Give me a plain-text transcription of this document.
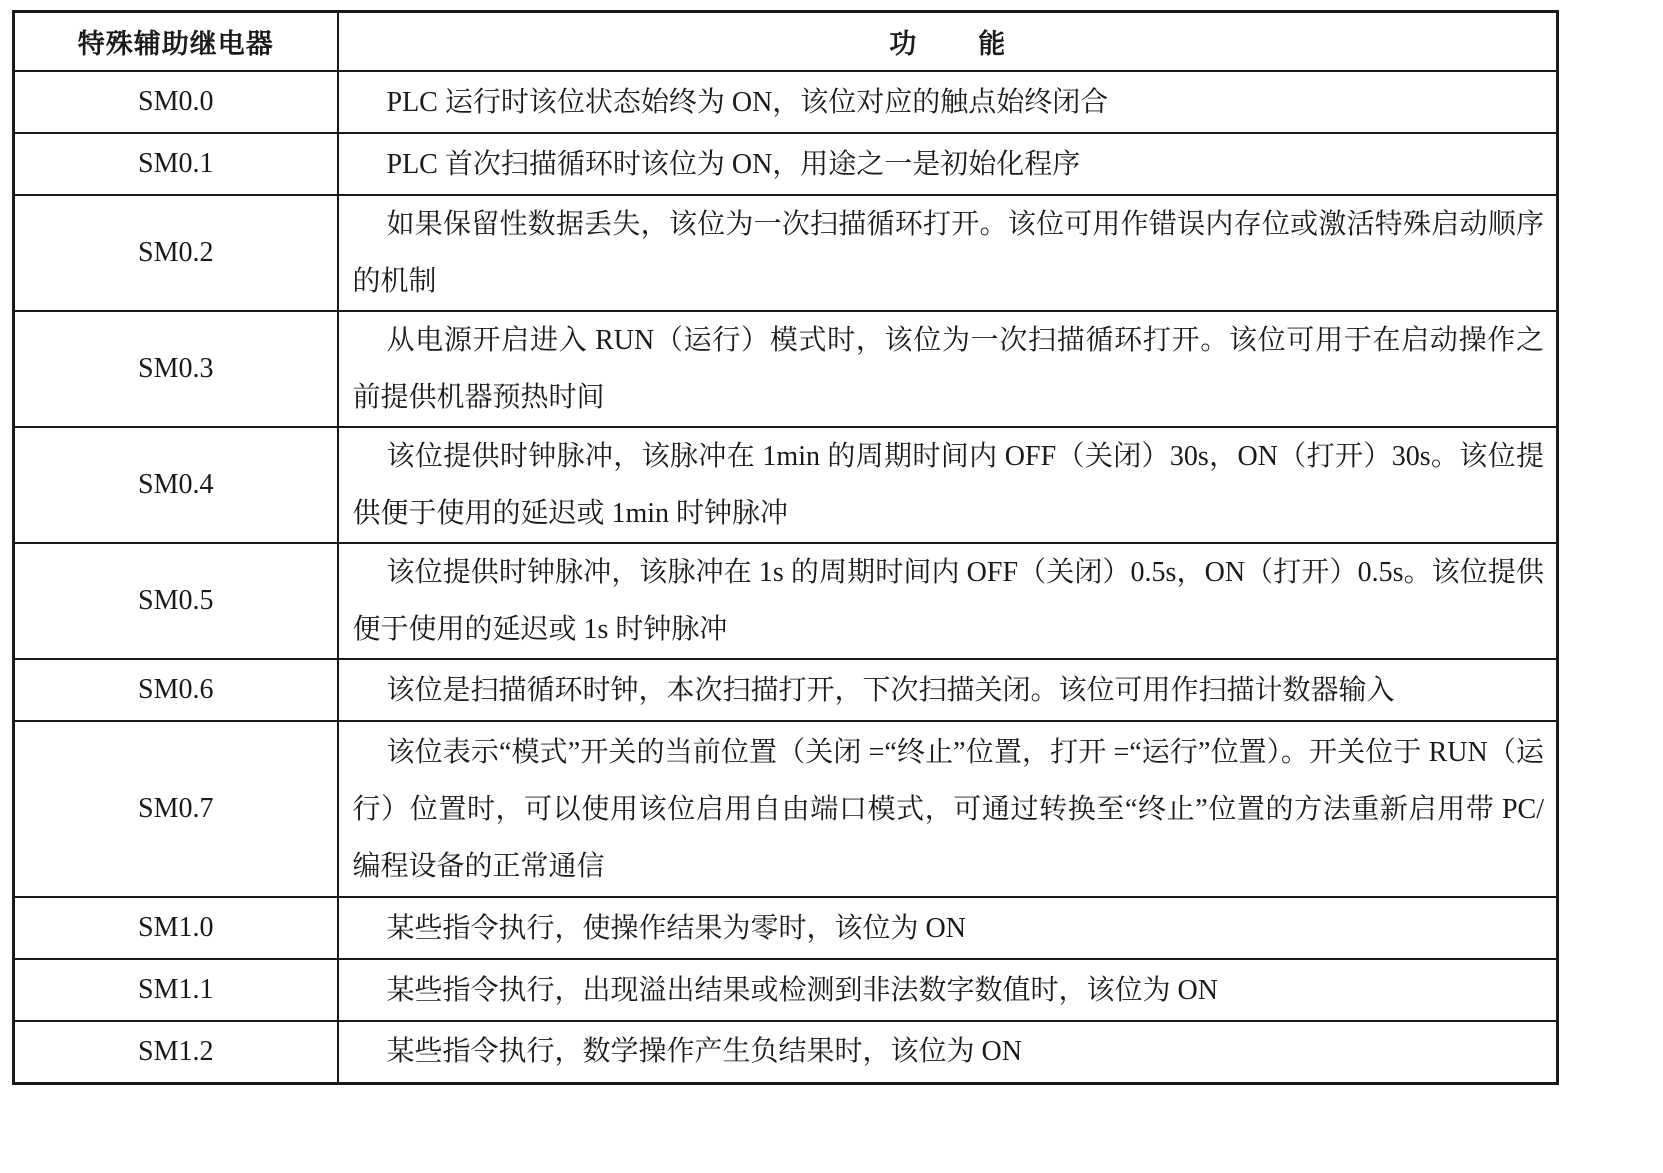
特殊辅助继电器	功能
SM0.0	PLC 运行时该位状态始终为 ON，该位对应的触点始终闭合
SM0.1	PLC 首次扫描循环时该位为 ON，用途之一是初始化程序
SM0.2	如果保留性数据丢失，该位为一次扫描循环打开。该位可用作错误内存位或激活特殊启动顺序的机制
SM0.3	从电源开启进入 RUN（运行）模式时，该位为一次扫描循环打开。该位可用于在启动操作之前提供机器预热时间
SM0.4	该位提供时钟脉冲，该脉冲在 1min 的周期时间内 OFF（关闭）30s，ON（打开）30s。该位提供便于使用的延迟或 1min 时钟脉冲
SM0.5	该位提供时钟脉冲，该脉冲在 1s 的周期时间内 OFF（关闭）0.5s，ON（打开）0.5s。该位提供便于使用的延迟或 1s 时钟脉冲
SM0.6	该位是扫描循环时钟，本次扫描打开，下次扫描关闭。该位可用作扫描计数器输入
SM0.7	该位表示“模式”开关的当前位置（关闭 =“终止”位置，打开 =“运行”位置）。开关位于 RUN（运行）位置时，可以使用该位启用自由端口模式，可通过转换至“终止”位置的方法重新启用带 PC/ 编程设备的正常通信
SM1.0	某些指令执行，使操作结果为零时，该位为 ON
SM1.1	某些指令执行，出现溢出结果或检测到非法数字数值时，该位为 ON
SM1.2	某些指令执行，数学操作产生负结果时，该位为 ON
